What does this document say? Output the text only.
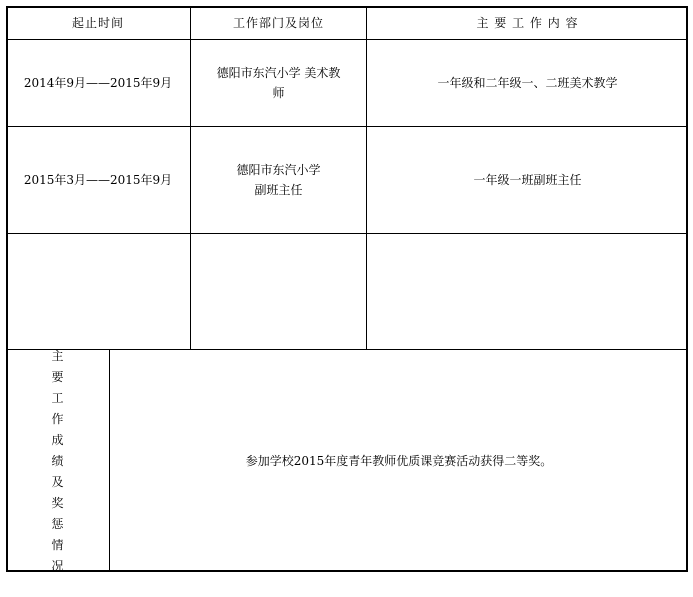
起止时间	工作部门及岗位	主 要 工 作 内 容
2014年9月——2015年9月
德阳市东汽小学 美术教
师
一年级和二年级一、二班美术教学
2015年3月——2015年9月
德阳市东汽小学
副班主任
一年级一班副班主任
主
要
工
作
成
绩
及
奖
惩
情
况
参加学校2015年度青年教师优质课竞赛活动获得二等奖。
